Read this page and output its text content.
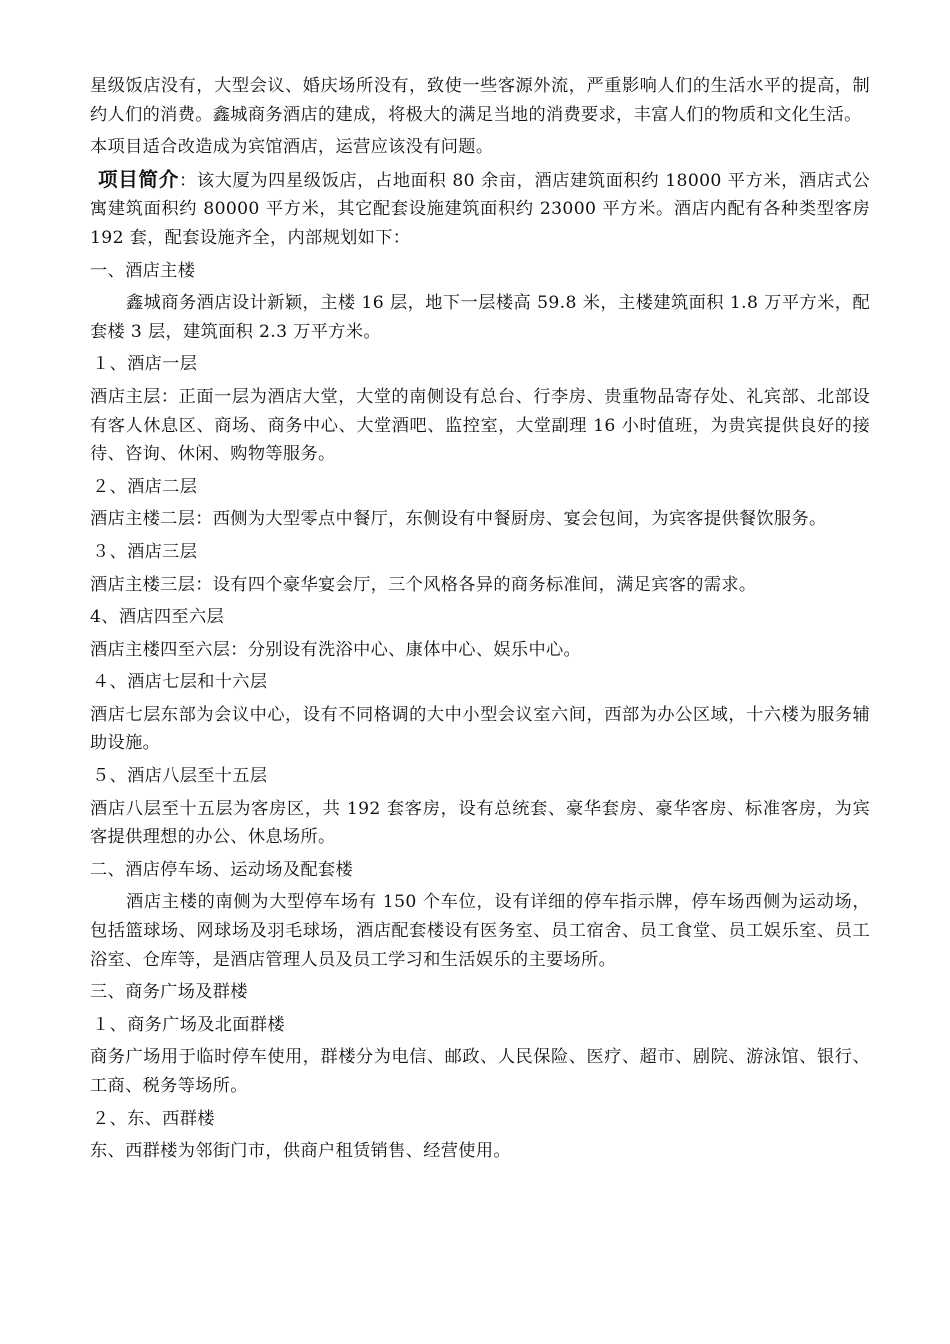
星级饭店没有，大型会议、婚庆场所没有，致使一些客源外流，严重影响人们的生活水平的提高，制约人们的消费。鑫城商务酒店的建成，将极大的满足当地的消费要求，丰富人们的物质和文化生活。

本项目适合改造成为宾馆酒店，运营应该没有问题。

项目简介：该大厦为四星级饭店，占地面积 80 余亩，酒店建筑面积约 18000 平方米，酒店式公寓建筑面积约 80000 平方米，其它配套设施建筑面积约 23000 平方米。酒店内配有各种类型客房 192 套，配套设施齐全，内部规划如下：

一、酒店主楼

鑫城商务酒店设计新颖，主楼 16 层，地下一层楼高 59.8 米，主楼建筑面积 1.8 万平方米，配套楼 3 层，建筑面积 2.3 万平方米。

１、酒店一层

酒店主层：正面一层为酒店大堂，大堂的南侧设有总台、行李房、贵重物品寄存处、礼宾部、北部设有客人休息区、商场、商务中心、大堂酒吧、监控室，大堂副理 16 小时值班，为贵宾提供良好的接待、咨询、休闲、购物等服务。

２、酒店二层

酒店主楼二层：西侧为大型零点中餐厅，东侧设有中餐厨房、宴会包间，为宾客提供餐饮服务。

３、酒店三层

酒店主楼三层：设有四个豪华宴会厅，三个风格各异的商务标准间，满足宾客的需求。

4、酒店四至六层

酒店主楼四至六层：分别设有洗浴中心、康体中心、娱乐中心。

４、酒店七层和十六层

酒店七层东部为会议中心，设有不同格调的大中小型会议室六间，西部为办公区域，十六楼为服务辅助设施。

５、酒店八层至十五层

酒店八层至十五层为客房区，共 192 套客房，设有总统套、豪华套房、豪华客房、标准客房，为宾客提供理想的办公、休息场所。

二、酒店停车场、运动场及配套楼

酒店主楼的南侧为大型停车场有 150 个车位，设有详细的停车指示牌，停车场西侧为运动场，包括篮球场、网球场及羽毛球场，酒店配套楼设有医务室、员工宿舍、员工食堂、员工娱乐室、员工浴室、仓库等，是酒店管理人员及员工学习和生活娱乐的主要场所。

三、商务广场及群楼

１、商务广场及北面群楼

商务广场用于临时停车使用，群楼分为电信、邮政、人民保险、医疗、超市、剧院、游泳馆、银行、工商、税务等场所。

２、东、西群楼

东、西群楼为邻街门市，供商户租赁销售、经营使用。
